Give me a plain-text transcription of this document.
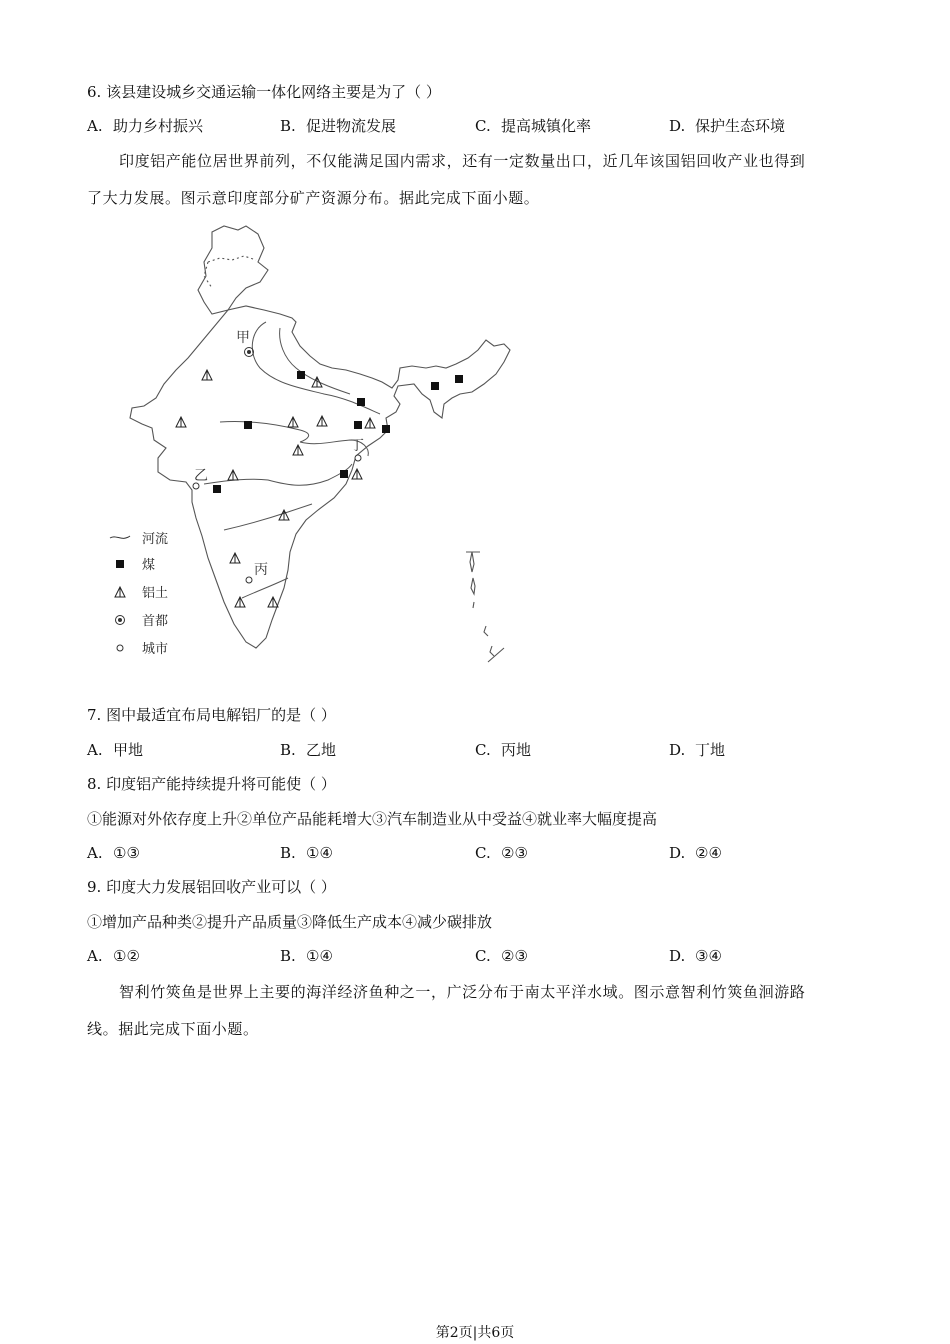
6. 该县建设城乡交通运输一体化网络主要是为了（ ）
A. 助力乡村振兴	B. 促进物流发展	C. 提高城镇化率	D. 保护生态环境
印度铝产能位居世界前列，不仅能满足国内需求，还有一定数量出口，近几年该国铝回收产业也得到
了大力发展。图示意印度部分矿产资源分布。据此完成下面小题。
甲
乙
丙
丁
河流
煤
铝土
首都
城市
7. 图中最适宜布局电解铝厂的是（ ）
A. 甲地	B. 乙地	C. 丙地	D. 丁地
8. 印度铝产能持续提升将可能使（ ）
①能源对外依存度上升②单位产品能耗增大③汽车制造业从中受益④就业率大幅度提高
A. ①③	B. ①④	C. ②③	D. ②④
9. 印度大力发展铝回收产业可以（ ）
①增加产品种类②提升产品质量③降低生产成本④减少碳排放
A. ①②	B. ①④	C. ②③	D. ③④
智利竹筴鱼是世界上主要的海洋经济鱼种之一，广泛分布于南太平洋水域。图示意智利竹筴鱼洄游路
线。据此完成下面小题。
第2页|共6页
